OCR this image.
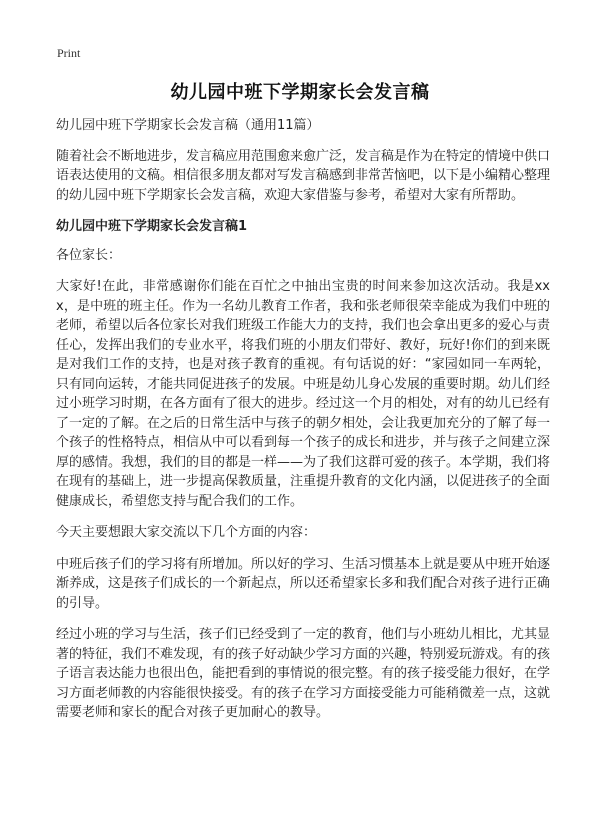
Print
幼儿园中班下学期家长会发言稿

幼儿园中班下学期家长会发言稿（通用11篇）

随着社会不断地进步，发言稿应用范围愈来愈广泛，发言稿是作为在特定的情境中供口语表达使用的文稿。相信很多朋友都对写发言稿感到非常苦恼吧，以下是小编精心整理的幼儿园中班下学期家长会发言稿，欢迎大家借鉴与参考，希望对大家有所帮助。

幼儿园中班下学期家长会发言稿1

各位家长：

大家好!在此，非常感谢你们能在百忙之中抽出宝贵的时间来参加这次活动。我是xxx，是中班的班主任。作为一名幼儿教育工作者，我和张老师很荣幸能成为我们中班的老师，希望以后各位家长对我们班级工作能大力的支持，我们也会拿出更多的爱心与责任心，发挥出我们的专业水平，将我们班的小朋友们带好、教好，玩好!你们的到来既是对我们工作的支持，也是对孩子教育的重视。有句话说的好：“家园如同一车两轮，只有同向运转，才能共同促进孩子的发展。中班是幼儿身心发展的重要时期。幼儿们经过小班学习时期，在各方面有了很大的进步。经过这一个月的相处，对有的幼儿已经有了一定的了解。在之后的日常生活中与孩子的朝夕相处，会让我更加充分的了解了每一个孩子的性格特点，相信从中可以看到每一个孩子的成长和进步，并与孩子之间建立深厚的感情。我想，我们的目的都是一样——为了我们这群可爱的孩子。本学期，我们将在现有的基础上，进一步提高保教质量，注重提升教育的文化内涵，以促进孩子的全面健康成长，希望您支持与配合我们的工作。

今天主要想跟大家交流以下几个方面的内容：

中班后孩子们的学习将有所增加。所以好的学习、生活习惯基本上就是要从中班开始逐渐养成，这是孩子们成长的一个新起点，所以还希望家长多和我们配合对孩子进行正确的引导。

经过小班的学习与生活，孩子们已经受到了一定的教育，他们与小班幼儿相比，尤其显著的特征，我们不难发现，有的孩子好动缺少学习方面的兴趣，特别爱玩游戏。有的孩子语言表达能力也很出色，能把看到的事情说的很完整。有的孩子接受能力很好，在学习方面老师教的内容能很快接受。有的孩子在学习方面接受能力可能稍微差一点，这就需要老师和家长的配合对孩子更加耐心的教导。
